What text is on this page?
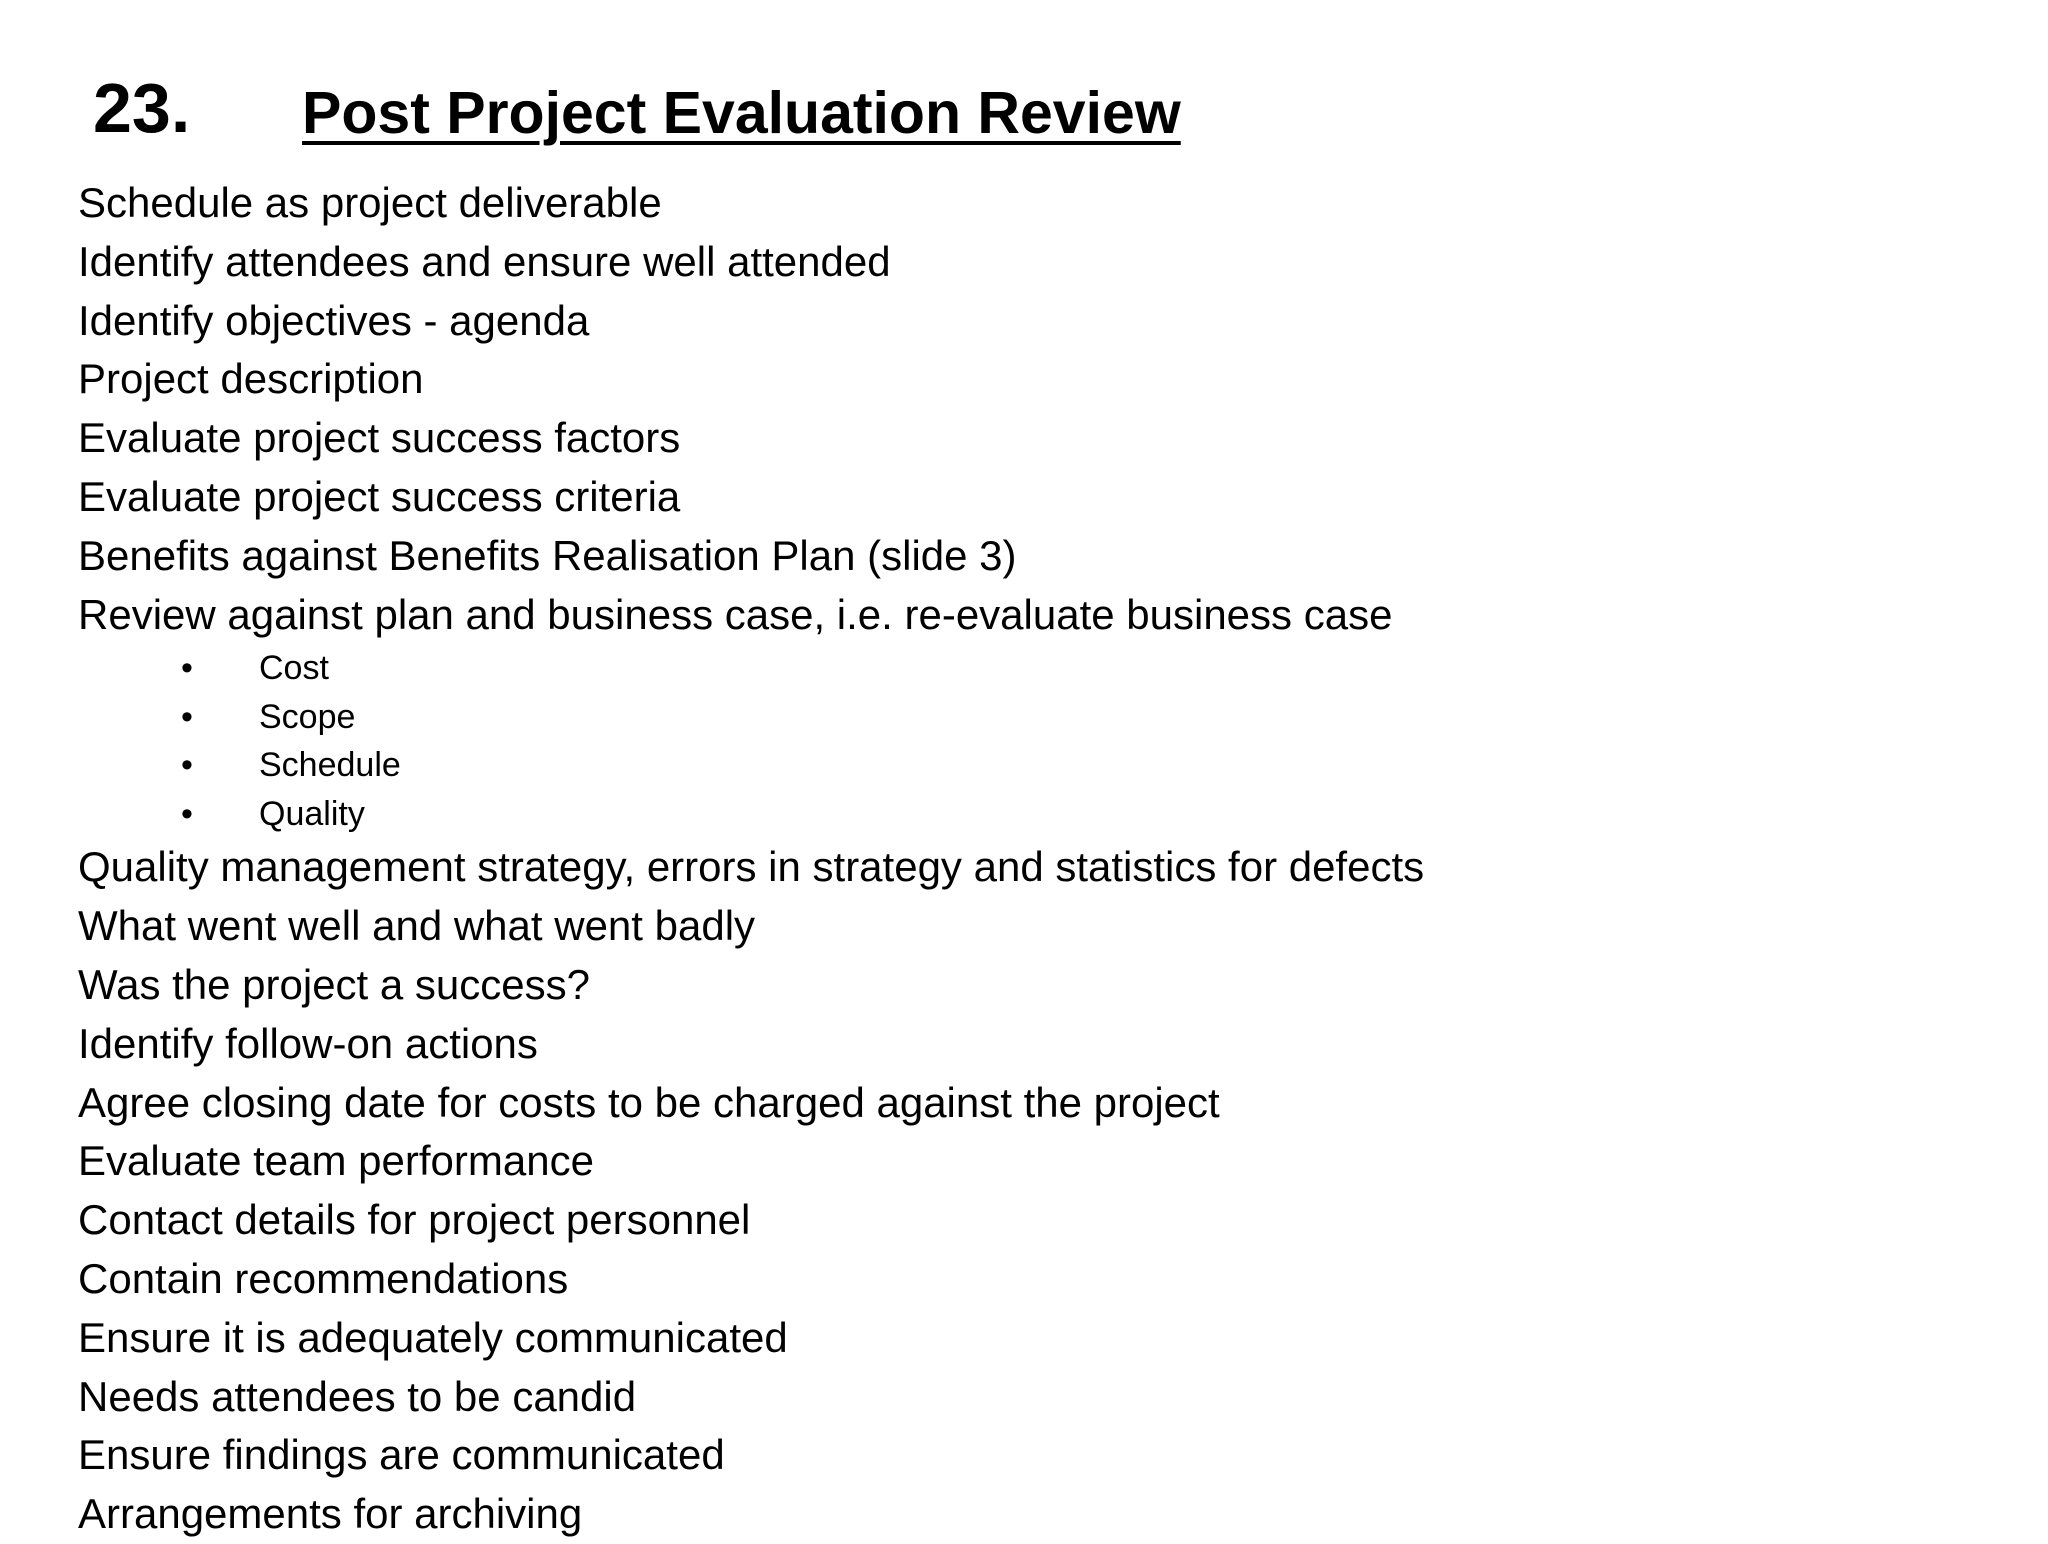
23. Post Project Evaluation Review
Schedule as project deliverable
Identify attendees and ensure well attended
Identify objectives - agenda
Project description
Evaluate project success factors
Evaluate project success criteria
Benefits against Benefits Realisation Plan (slide 3)
Review against plan and business case, i.e. re-evaluate business case
• Cost
• Scope
• Schedule
• Quality
Quality management strategy, errors in strategy and statistics for defects
What went well and what went badly
Was the project a success?
Identify follow-on actions
Agree closing date for costs to be charged against the project
Evaluate team performance
Contact details for project personnel
Contain recommendations
Ensure it is adequately communicated
Needs attendees to be candid
Ensure findings are communicated
Arrangements for archiving
